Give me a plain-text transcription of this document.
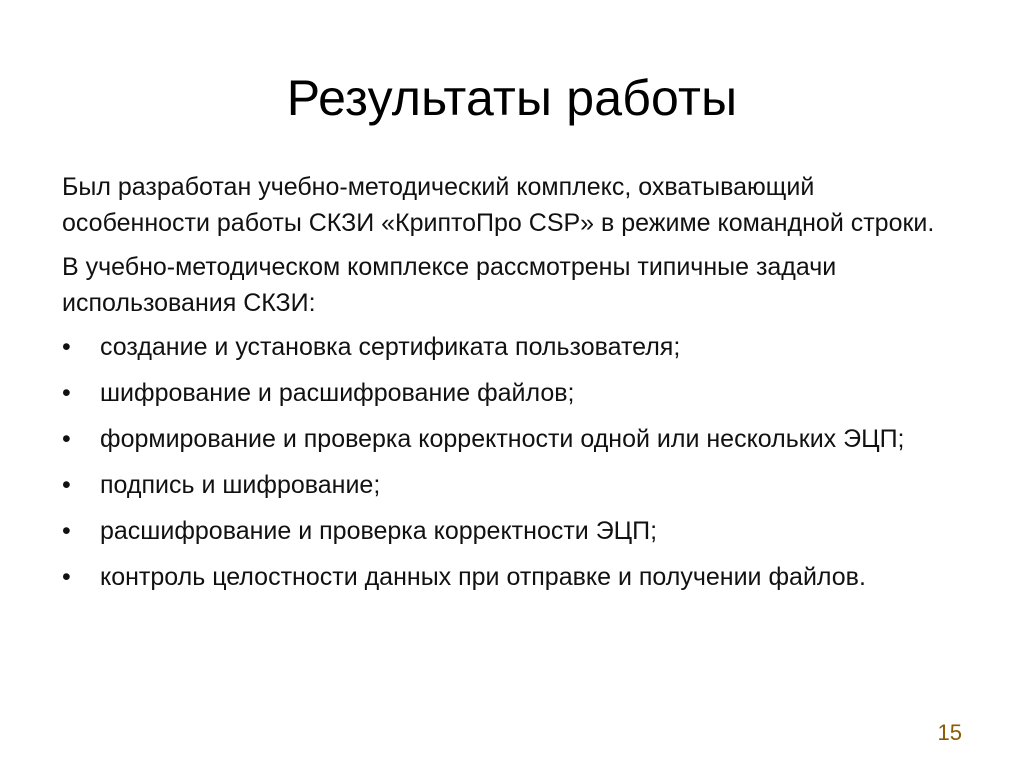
Результаты работы

Был разработан учебно-методический комплекс, охватывающий особенности работы СКЗИ «КриптоПро CSP» в режиме командной строки.

В учебно-методическом комплексе рассмотрены типичные задачи использования СКЗИ:

•	создание и установка сертификата пользователя;
•	шифрование и расшифрование файлов;
•	формирование и проверка корректности одной или нескольких ЭЦП;
•	подпись и шифрование;
•	расшифрование и проверка корректности ЭЦП;
•	контроль целостности данных при отправке и получении файлов.
15
